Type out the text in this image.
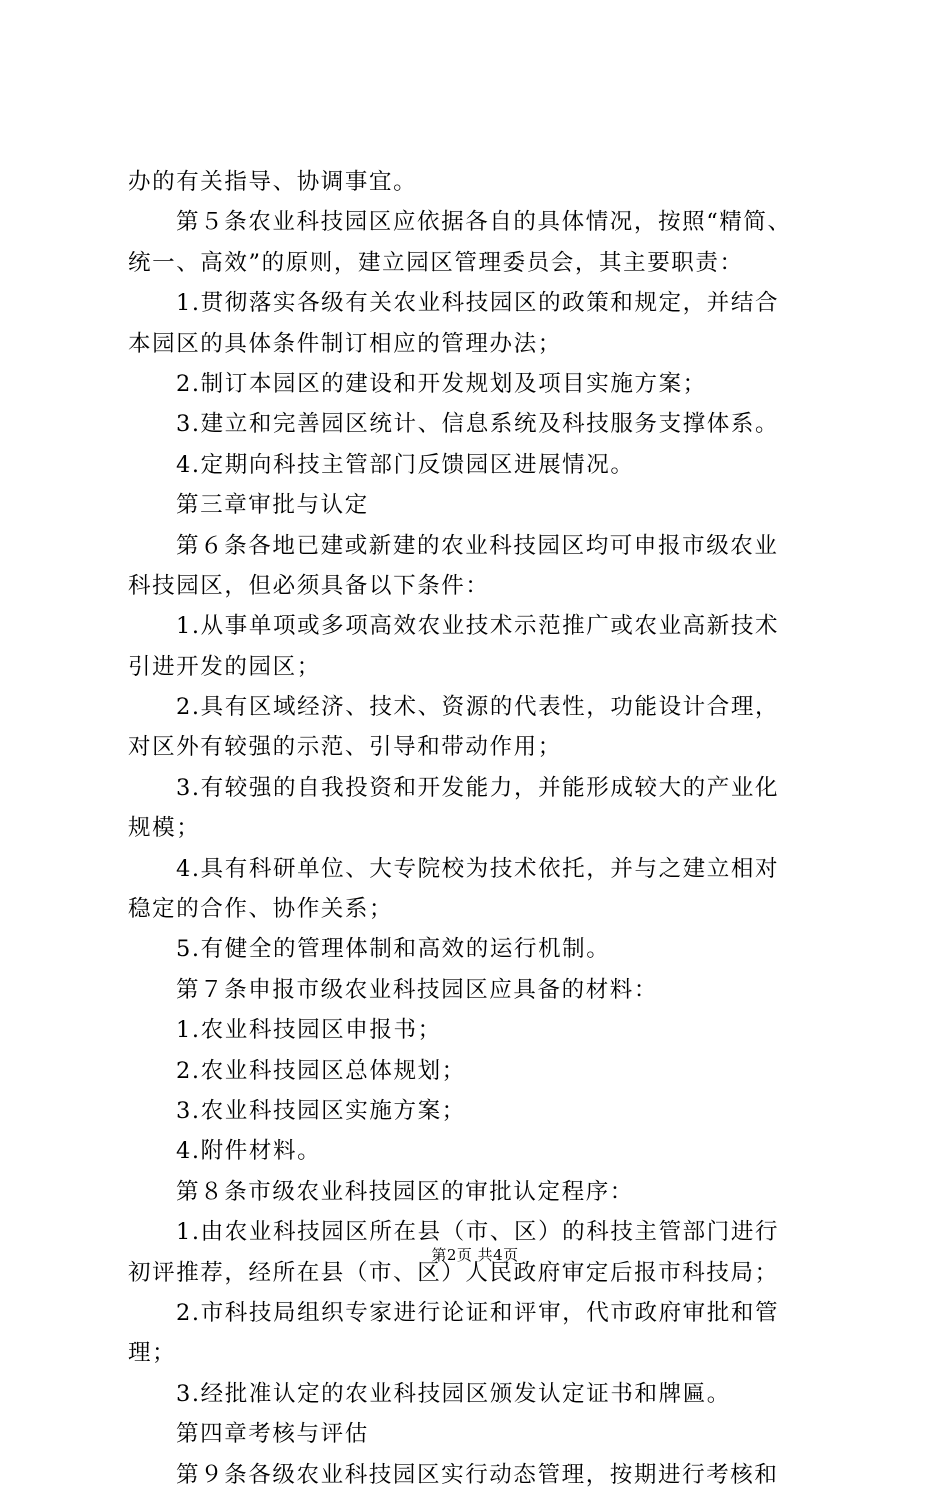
办的有关指导、协调事宜。
第５条农业科技园区应依据各自的具体情况，按照“精简、
统一、高效”的原则，建立园区管理委员会，其主要职责：
1.贯彻落实各级有关农业科技园区的政策和规定，并结合
本园区的具体条件制订相应的管理办法；
2.制订本园区的建设和开发规划及项目实施方案；
3.建立和完善园区统计、信息系统及科技服务支撑体系。
4.定期向科技主管部门反馈园区进展情况。
第三章审批与认定
第６条各地已建或新建的农业科技园区均可申报市级农业
科技园区，但必须具备以下条件：
1.从事单项或多项高效农业技术示范推广或农业高新技术
引进开发的园区；
2.具有区域经济、技术、资源的代表性，功能设计合理，
对区外有较强的示范、引导和带动作用；
3.有较强的自我投资和开发能力，并能形成较大的产业化
规模；
4.具有科研单位、大专院校为技术依托，并与之建立相对
稳定的合作、协作关系；
5.有健全的管理体制和高效的运行机制。
第７条申报市级农业科技园区应具备的材料：
1.农业科技园区申报书；
2.农业科技园区总体规划；
3.农业科技园区实施方案；
4.附件材料。
第８条市级农业科技园区的审批认定程序：
1.由农业科技园区所在县（市、区）的科技主管部门进行
初评推荐，经所在县（市、区）人民政府审定后报市科技局；
2.市科技局组织专家进行论证和评审，代市政府审批和管
理；
3.经批准认定的农业科技园区颁发认定证书和牌匾。
第四章考核与评估
第９条各级农业科技园区实行动态管理，按期进行考核和
第2页 共4页
